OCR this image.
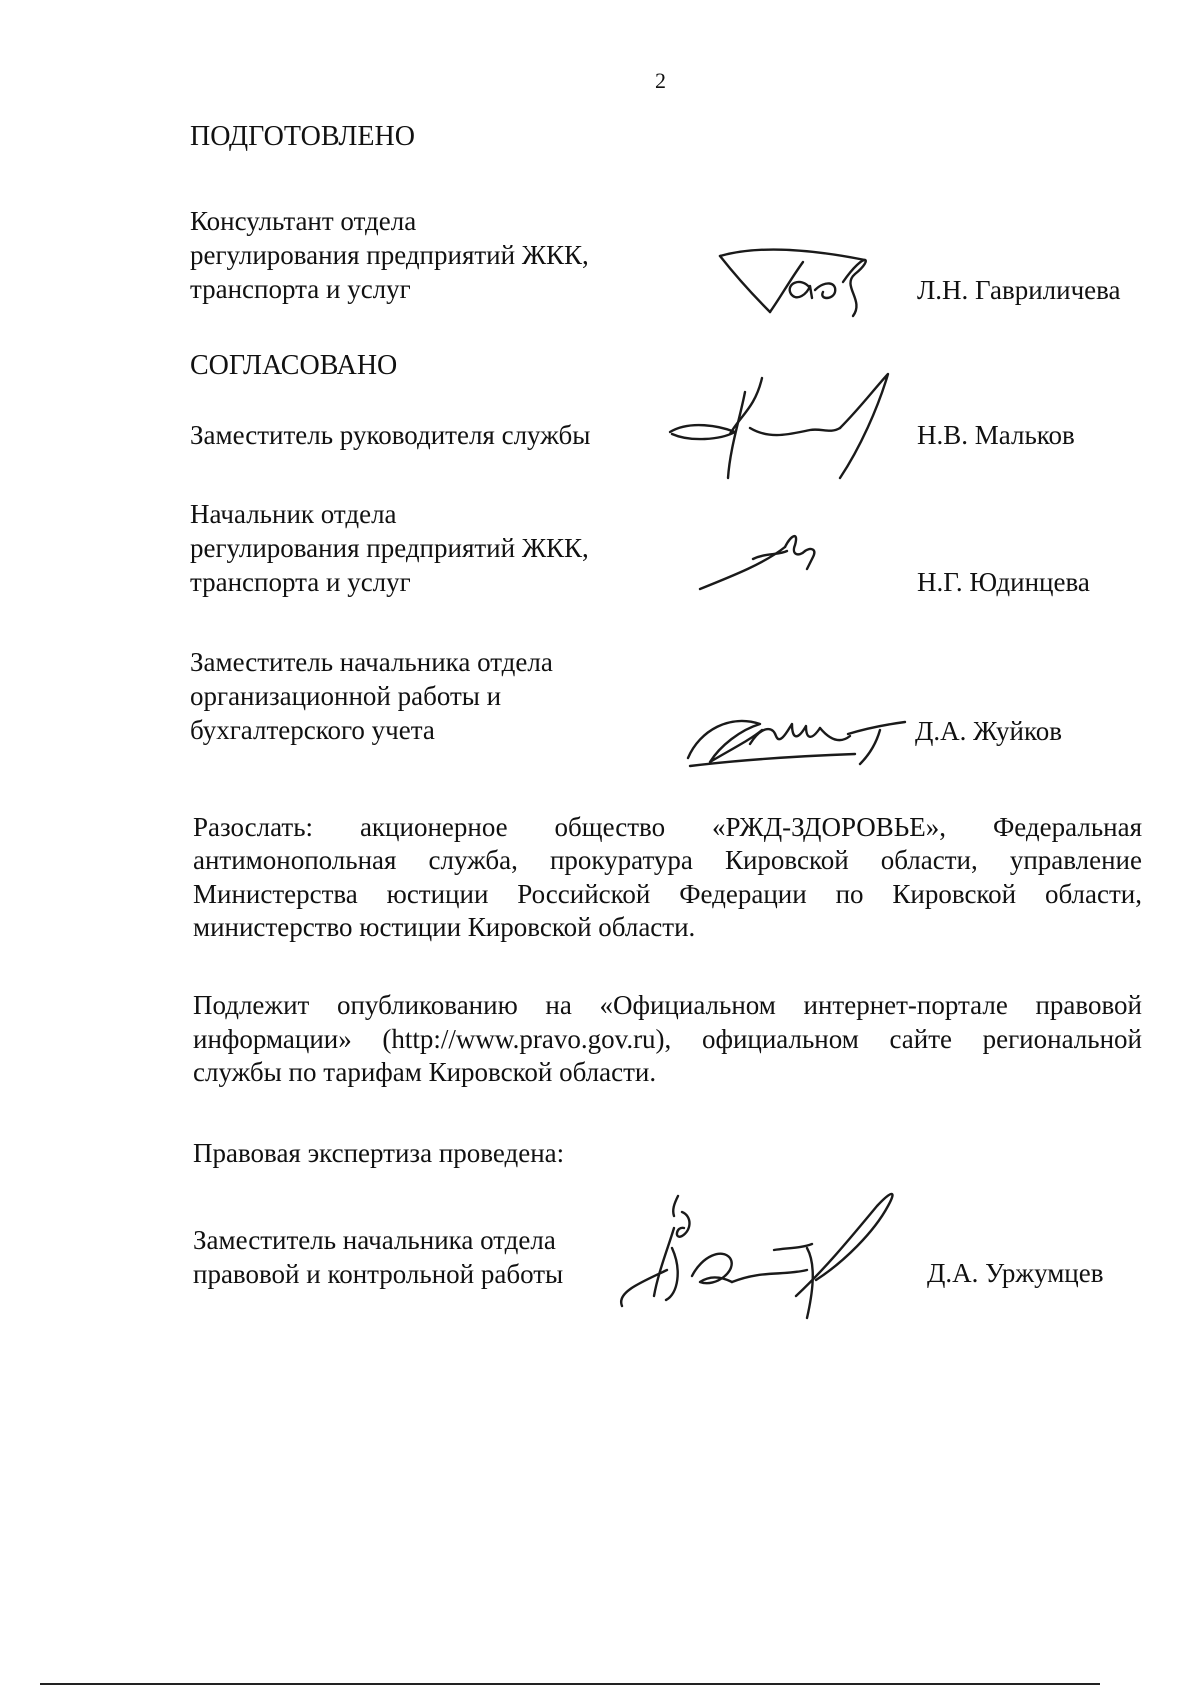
2
ПОДГОТОВЛЕНО
Консультант отдела
регулирования предприятий ЖКК,
транспорта и услуг	Л.Н. Гавриличева
СОГЛАСОВАНО
Заместитель руководителя службы	Н.В. Мальков
Начальник отдела
регулирования предприятий ЖКК,
транспорта и услуг	Н.Г. Юдинцева
Заместитель начальника отдела
организационной работы и
бухгалтерского учета	Д.А. Жуйков
Разослать: акционерное общество «РЖД-ЗДОРОВЬЕ», Федеральная
антимонопольная служба, прокуратура Кировской области, управление
Министерства юстиции Российской Федерации по Кировской области,
министерство юстиции Кировской области.
Подлежит опубликованию на «Официальном интернет-портале правовой
информации» (http://www.pravo.gov.ru), официальном сайте региональной
службы по тарифам Кировской области.
Правовая экспертиза проведена:
Заместитель начальника отдела
правовой и контрольной работы	Д.А. Уржумцев
